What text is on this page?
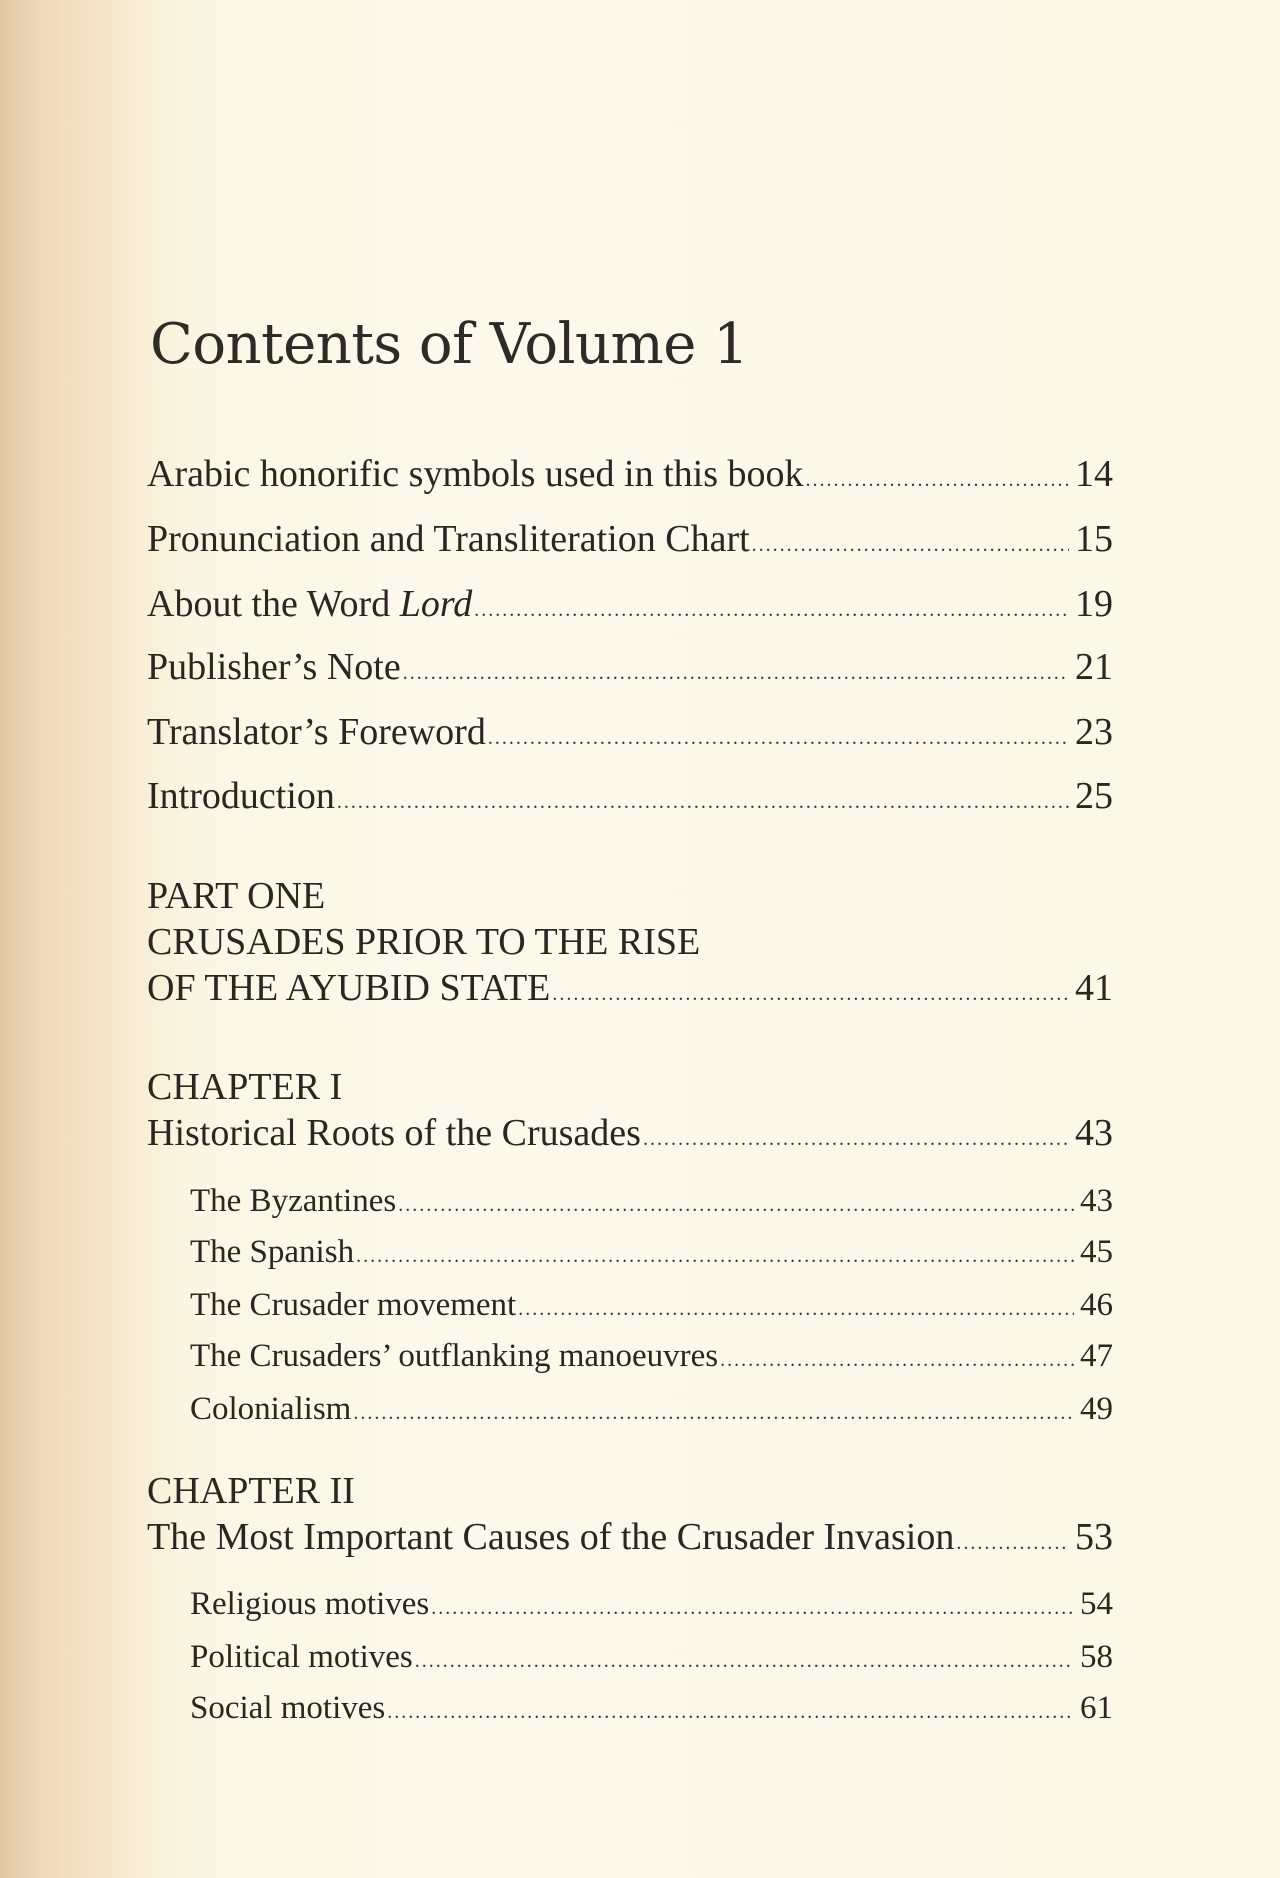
Contents of Volume 1
Arabic honorific symbols used in this book .....	14
Pronunciation and Transliteration Chart .....	15
About the Word Lord .....	19
Publisher’s Note .....	21
Translator’s Foreword .....	23
Introduction .....	25
PART ONE
CRUSADES PRIOR TO THE RISE
OF THE AYUBID STATE .....	41
CHAPTER I
Historical Roots of the Crusades .....	43
The Byzantines .....	43
The Spanish .....	45
The Crusader movement .....	46
The Crusaders’ outflanking manoeuvres .....	47
Colonialism .....	49
CHAPTER II
The Most Important Causes of the Crusader Invasion .....	53
Religious motives .....	54
Political motives .....	58
Social motives .....	61
